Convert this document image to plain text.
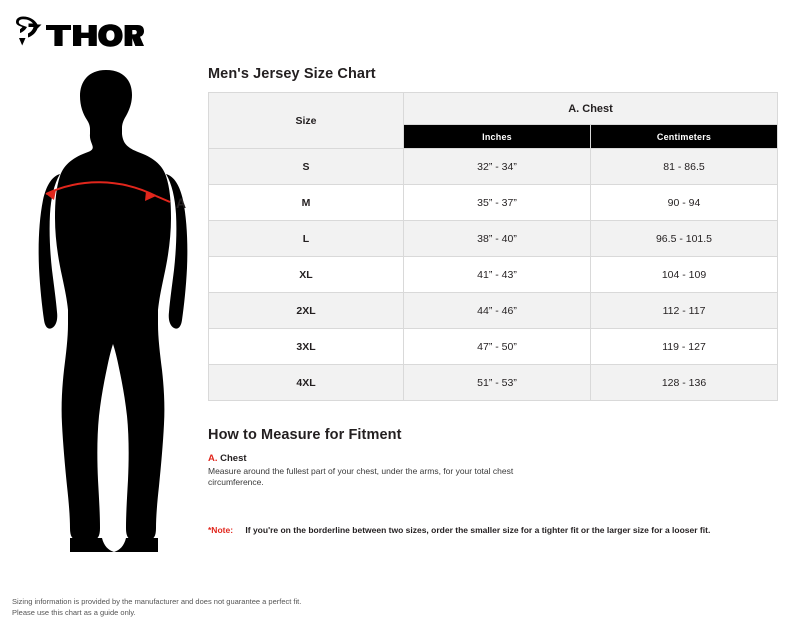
A
Men's Jersey Size Chart
Size	A. Chest	
	Inches	Centimeters
S	32” - 34”	81 - 86.5
M	35” - 37”	90 - 94
L	38” - 40”	96.5 - 101.5
XL	41” - 43”	104 - 109
2XL	44” - 46”	112 - 117
3XL	47” - 50”	119 - 127
4XL	51” - 53”	128 - 136
How to Measure for Fitment
A. Chest
Measure around the fullest part of your chest, under the arms, for your total chest circumference.
*Note: If you're on the borderline between two sizes, order the smaller size for a tighter fit or the larger size for a looser fit.
Sizing information is provided by the manufacturer and does not guarantee a perfect fit.
Please use this chart as a guide only.
